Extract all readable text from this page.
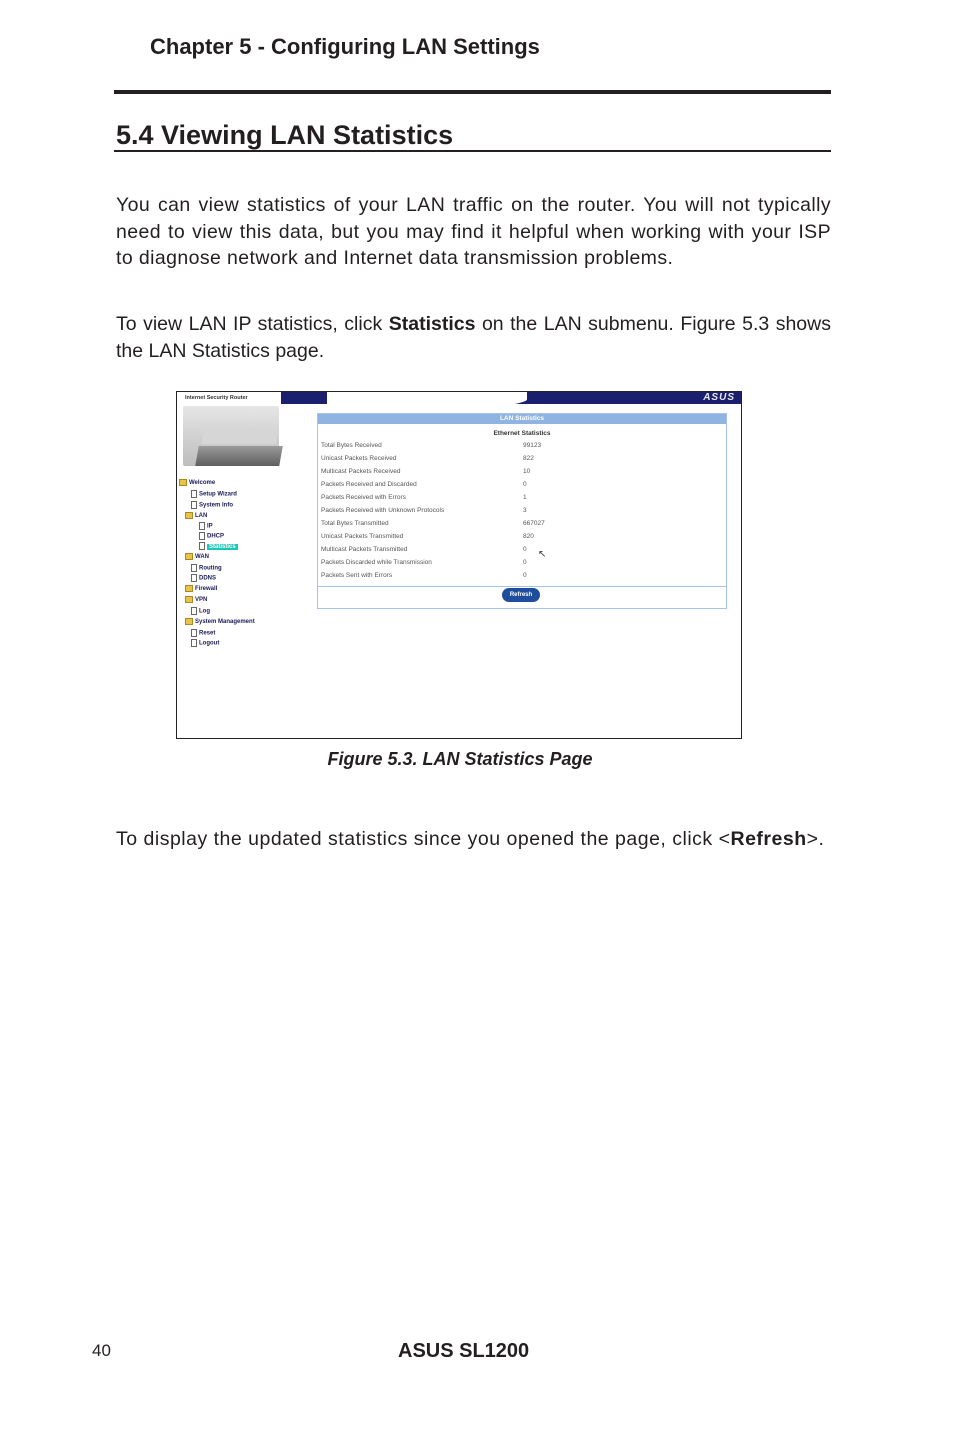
Chapter 5 - Configuring LAN Settings
5.4 Viewing LAN Statistics
You can view statistics of your LAN traffic on the router. You will not typically need to view this data, but you may find it helpful when working with your ISP to diagnose network and Internet data transmission problems.
To view LAN IP statistics, click Statistics on the LAN submenu. Figure 5.3 shows the LAN Statistics page.
ASUS
Internet Security Router
Welcome
Setup Wizard
System Info
LAN
IP
DHCP
Statistics
WAN
Routing
DDNS
Firewall
VPN
Log
System Management
Reset
Logout
LAN Statistics
Ethernet Statistics
Total Bytes Received	99123
Unicast Packets Received	822
Multicast Packets Received	10
Packets Received and Discarded	0
Packets Received with Errors	1
Packets Received with Unknown Protocols	3
Total Bytes Transmitted	667027
Unicast Packets Transmitted	820
Multicast Packets Transmitted	0
Packets Discarded while Transmission	0
Packets Sent with Errors	0
Refresh
↖
Figure 5.3. LAN Statistics Page
To display the updated statistics since you opened the page, click <Refresh>.
40	ASUS SL1200
